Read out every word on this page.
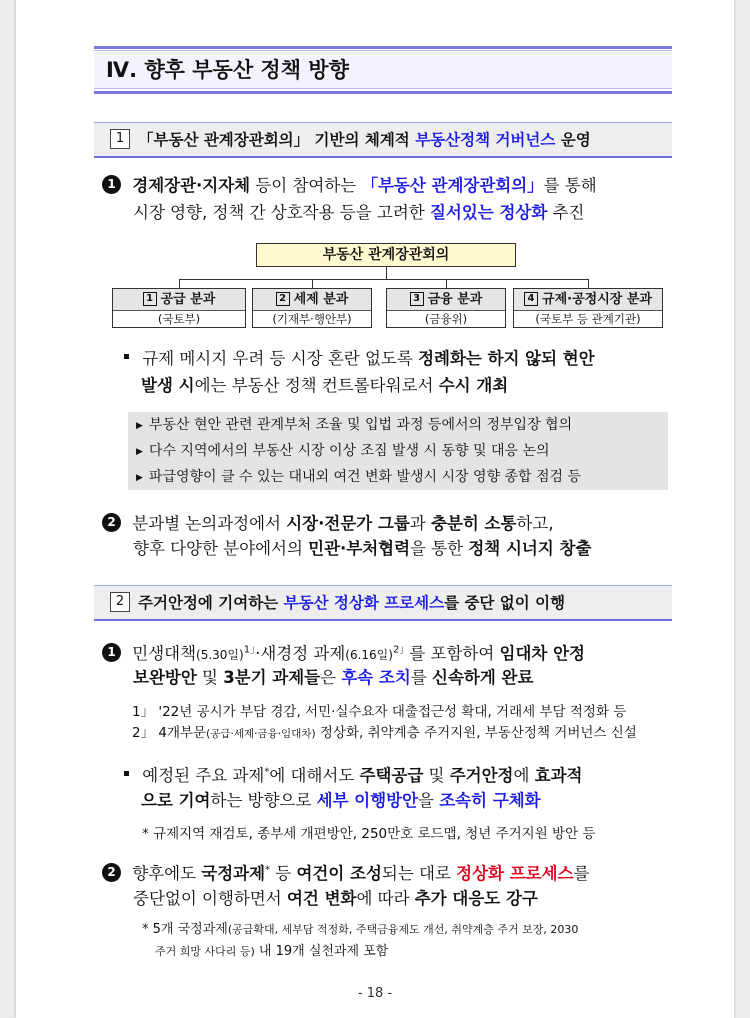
Ⅳ. 향후 부동산 정책 방향
1 「부동산 관계장관회의」 기반의 체계적 부동산정책 거버넌스 운영
1 경제장관·지자체 등이 참여하는 「부동산 관계장관회의」를 통해
시장 영향, 정책 간 상호작용 등을 고려한 질서있는 정상화 추진
부동산 관계장관회의
1 공급 분과
(국토부)
2 세제 분과
(기재부·행안부)
3 금융 분과
(금융위)
4 규제·공정시장 분과
(국토부 등 관계기관)
규제 메시지 우려 등 시장 혼란 없도록 정례화는 하지 않되 현안
발생 시에는 부동산 정책 컨트롤타워로서 수시 개최
▶ 부동산 현안 관련 관계부처 조율 및 입법 과정 등에서의 정부입장 협의
▶ 다수 지역에서의 부동산 시장 이상 조짐 발생 시 동향 및 대응 논의
▶ 파급영향이 클 수 있는 대내외 여건 변화 발생시 시장 영향 종합 점검 등
2 분과별 논의과정에서 시장·전문가 그룹과 충분히 소통하고,
향후 다양한 분야에서의 민관·부처협력을 통한 정책 시너지 창출
2 주거안정에 기여하는 부동산 정상화 프로세스를 중단 없이 이행
1 민생대책(5.30일)$^{1」}$·새경정 과제(6.16일)$^{2」}$를 포함하여 임대차 안정
보완방안 및 3분기 과제들은 후속 조치를 신속하게 완료
1」 '22년 공시가 부담 경감, 서민·실수요자 대출접근성 확대, 거래세 부담 적정화 등
2」 4개부문(공급·세제·금융·임대차) 정상화, 취약계층 주거지원, 부동산정책 거버넌스 신설
예정된 주요 과제*에 대해서도 주택공급 및 주거안정에 효과적
으로 기여하는 방향으로 세부 이행방안을 조속히 구체화
* 규제지역 재검토, 종부세 개편방안, 250만호 로드맵, 청년 주거지원 방안 등
2 향후에도 국정과제* 등 여건이 조성되는 대로 정상화 프로세스를
중단없이 이행하면서 여건 변화에 따라 추가 대응도 강구
* 5개 국정과제(공급확대, 세부담 적정화, 주택금융제도 개선, 취약계층 주거 보장, 2030
주거 희망 사다리 등) 내 19개 실천과제 포함
- 18 -
